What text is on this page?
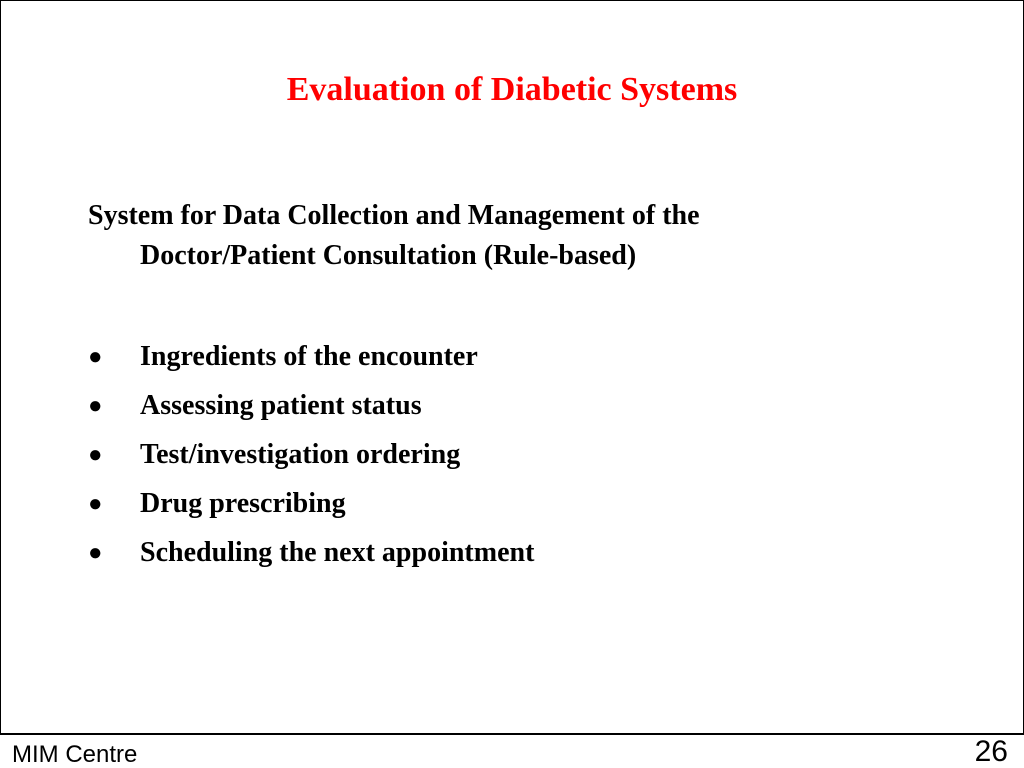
Evaluation of Diabetic Systems

System for Data Collection and Management of the
Doctor/Patient Consultation (Rule-based)

●	Ingredients of the encounter
●	Assessing patient status
●	Test/investigation ordering
●	Drug prescribing
●	Scheduling the next appointment
MIM Centre	26
